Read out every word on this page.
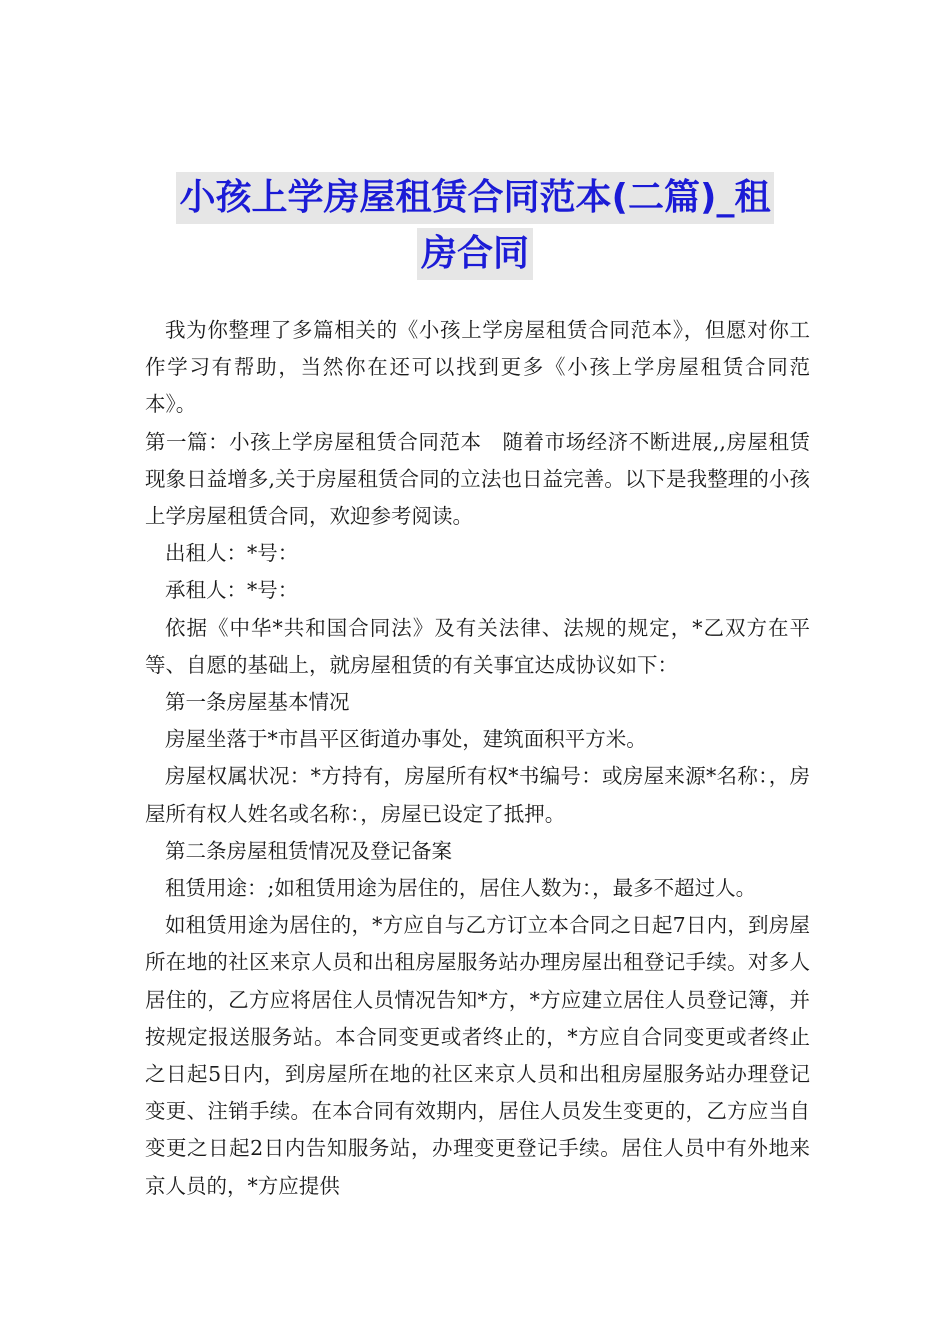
小孩上学房屋租赁合同范本(二篇)_租
房合同

我为你整理了多篇相关的《小孩上学房屋租赁合同范本》，但愿对你工作学习有帮助，当然你在还可以找到更多《小孩上学房屋租赁合同范本》。

第一篇：小孩上学房屋租赁合同范本　随着市场经济不断进展,,房屋租赁现象日益增多,关于房屋租赁合同的立法也日益完善。以下是我整理的小孩上学房屋租赁合同，欢迎参考阅读。

出租人：*号：

承租人：*号：

依据《中华*共和国合同法》及有关法律、法规的规定，*乙双方在平等、自愿的基础上，就房屋租赁的有关事宜达成协议如下：

第一条房屋基本情况

房屋坐落于*市昌平区街道办事处，建筑面积平方米。

房屋权属状况：*方持有，房屋所有权*书编号：或房屋来源*名称：，房屋所有权人姓名或名称：，房屋已设定了抵押。

第二条房屋租赁情况及登记备案

租赁用途：;如租赁用途为居住的，居住人数为：，最多不超过人。

如租赁用途为居住的，*方应自与乙方订立本合同之日起7日内，到房屋所在地的社区来京人员和出租房屋服务站办理房屋出租登记手续。对多人居住的，乙方应将居住人员情况告知*方，*方应建立居住人员登记簿，并按规定报送服务站。本合同变更或者终止的，*方应自合同变更或者终止之日起5日内，到房屋所在地的社区来京人员和出租房屋服务站办理登记变更、注销手续。在本合同有效期内，居住人员发生变更的，乙方应当自变更之日起2日内告知服务站，办理变更登记手续。居住人员中有外地来京人员的，*方应提供
